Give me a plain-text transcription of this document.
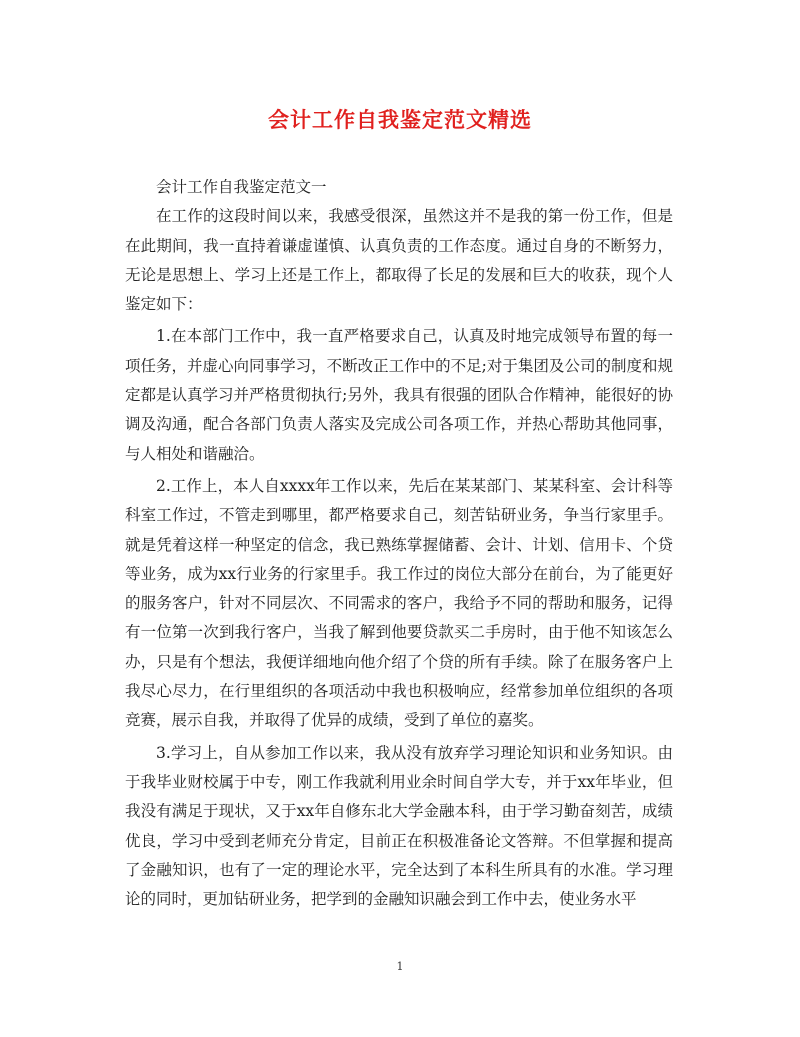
会计工作自我鉴定范文精选

会计工作自我鉴定范文一

在工作的这段时间以来，我感受很深，虽然这并不是我的第一份工作，但是在此期间，我一直持着谦虚谨慎、认真负责的工作态度。通过自身的不断努力，无论是思想上、学习上还是工作上，都取得了长足的发展和巨大的收获，现个人鉴定如下：

1.在本部门工作中，我一直严格要求自己，认真及时地完成领导布置的每一项任务，并虚心向同事学习，不断改正工作中的不足;对于集团及公司的制度和规定都是认真学习并严格贯彻执行;另外，我具有很强的团队合作精神，能很好的协调及沟通，配合各部门负责人落实及完成公司各项工作，并热心帮助其他同事，与人相处和谐融洽。

2.工作上，本人自xxxx年工作以来，先后在某某部门、某某科室、会计科等科室工作过，不管走到哪里，都严格要求自己，刻苦钻研业务，争当行家里手。就是凭着这样一种坚定的信念，我已熟练掌握储蓄、会计、计划、信用卡、个贷等业务，成为xx行业务的行家里手。我工作过的岗位大部分在前台，为了能更好的服务客户，针对不同层次、不同需求的客户，我给予不同的帮助和服务，记得有一位第一次到我行客户，当我了解到他要贷款买二手房时，由于他不知该怎么办，只是有个想法，我便详细地向他介绍了个贷的所有手续。除了在服务客户上我尽心尽力，在行里组织的各项活动中我也积极响应，经常参加单位组织的各项竞赛，展示自我，并取得了优异的成绩，受到了单位的嘉奖。

3.学习上，自从参加工作以来，我从没有放弃学习理论知识和业务知识。由于我毕业财校属于中专，刚工作我就利用业余时间自学大专，并于xx年毕业，但我没有满足于现状，又于xx年自修东北大学金融本科，由于学习勤奋刻苦，成绩优良，学习中受到老师充分肯定，目前正在积极准备论文答辩。不但掌握和提高了金融知识，也有了一定的理论水平，完全达到了本科生所具有的水准。学习理论的同时，更加钻研业务，把学到的金融知识融会到工作中去，使业务水平

1
